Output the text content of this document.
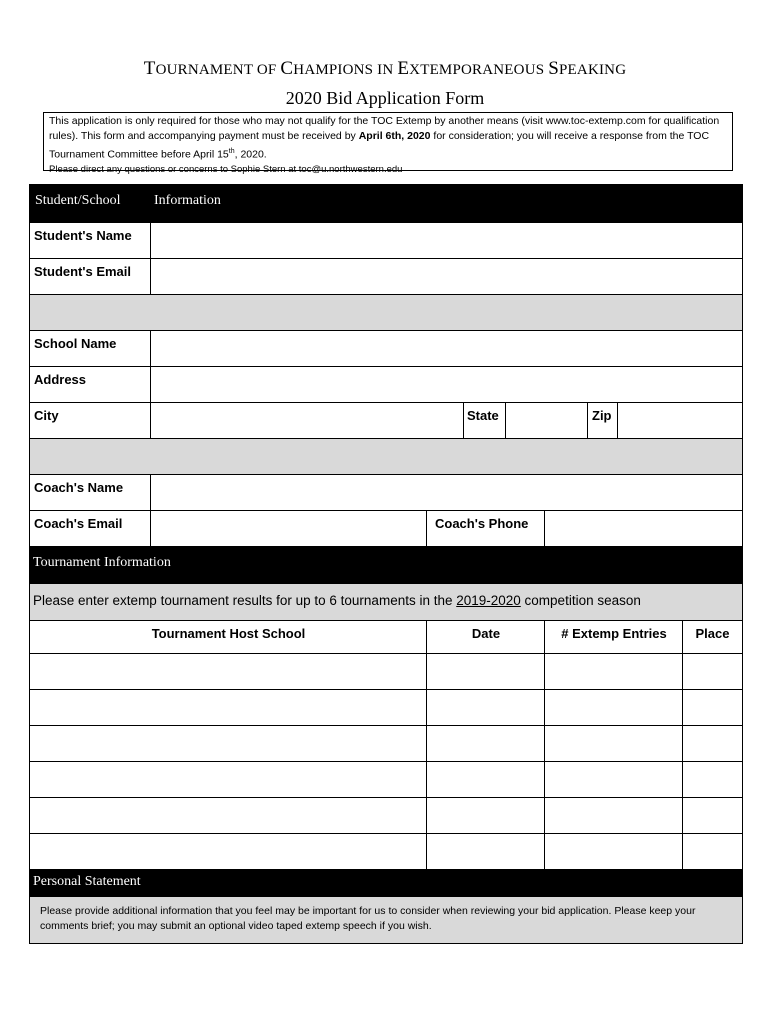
TOURNAMENT OF CHAMPIONS IN EXTEMPORANEOUS SPEAKING
2020 Bid Application Form
This application is only required for those who may not qualify for the TOC Extemp by another means (visit www.toc-extemp.com for qualification rules). This form and accompanying payment must be received by April 6th, 2020 for consideration; you will receive a response from the TOC Tournament Committee before April 15th, 2020.
Please direct any questions or concerns to Sophie Stern at toc@u.northwestern.edu
Student/School Information
Student's Name
Student's Email
School Name
Address
City	State	Zip
Coach's Name
Coach's Email	Coach's Phone
Tournament Information
Please enter extemp tournament results for up to 6 tournaments in the 2019-2020 competition season
Tournament Host School	Date	# Extemp Entries	Place
Personal Statement
Please provide additional information that you feel may be important for us to consider when reviewing your bid application. Please keep your comments brief; you may submit an optional video taped extemp speech if you wish.
